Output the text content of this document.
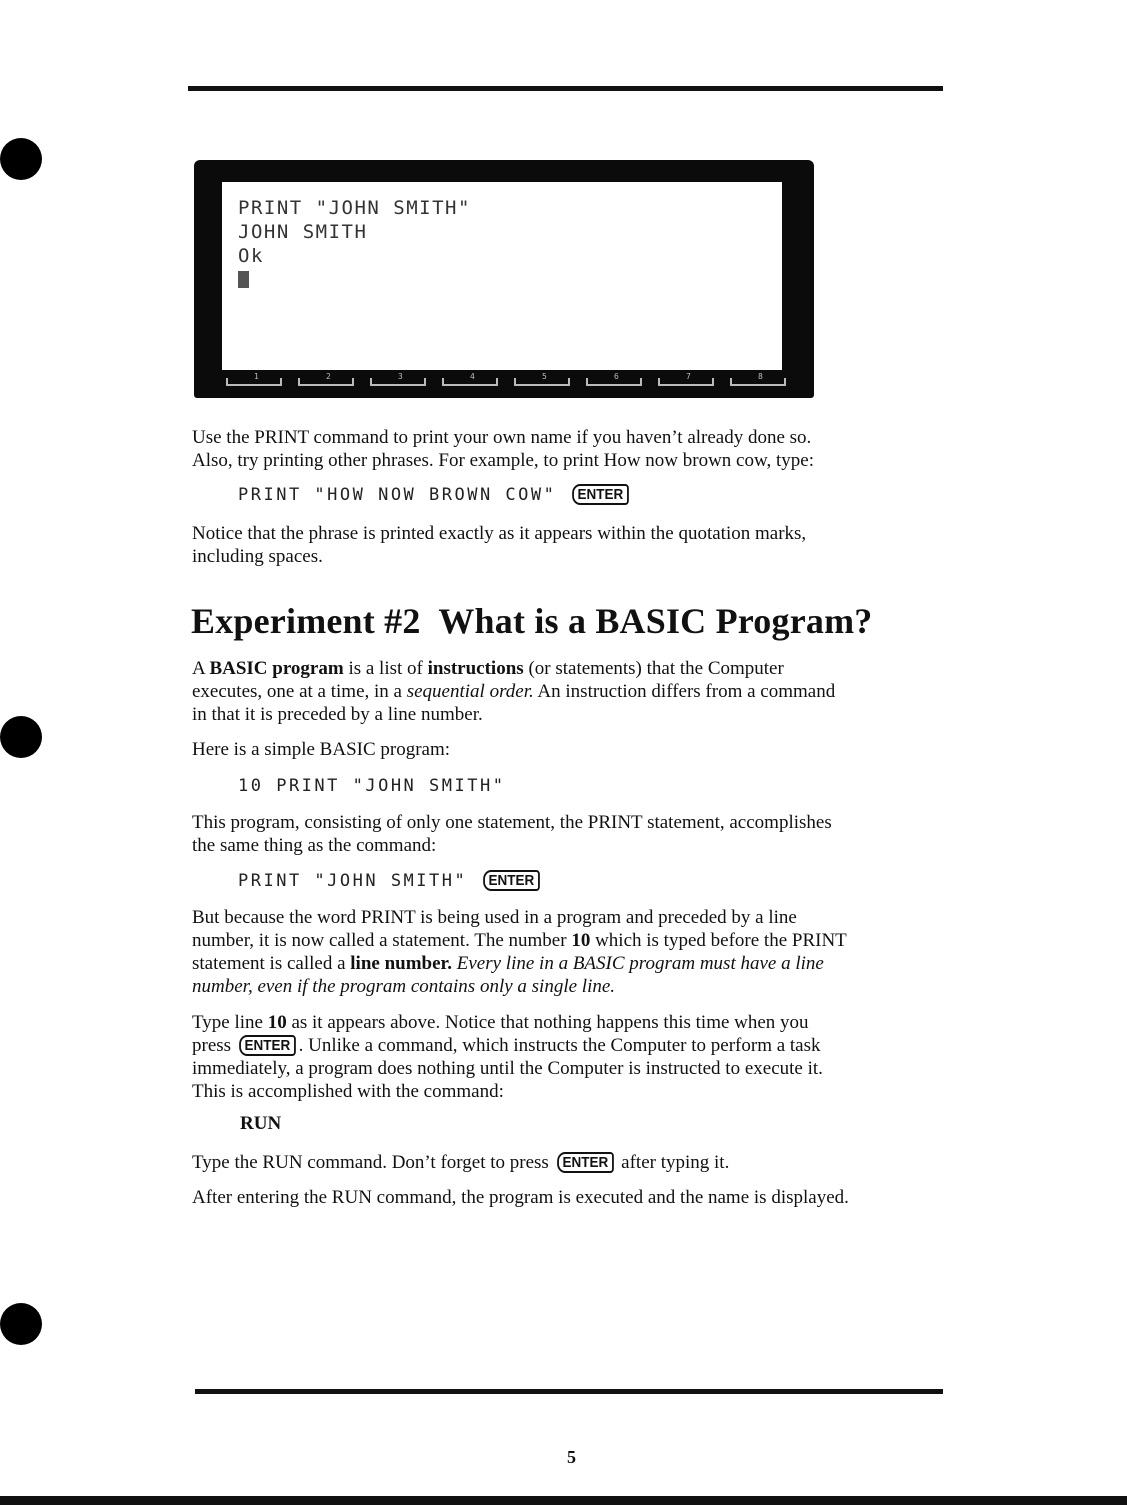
PRINT "JOHN SMITH"
JOHN SMITH
Ok
1	2	3	4	5	6	7	8
Use the PRINT command to print your own name if you haven’t already done so.
Also, try printing other phrases. For example, to print How now brown cow, type:
PRINT "HOW NOW BROWN COW" ENTER
Notice that the phrase is printed exactly as it appears within the quotation marks,
including spaces.
Experiment #2  What is a BASIC Program?
A BASIC program is a list of instructions (or statements) that the Computer
executes, one at a time, in a sequential order. An instruction differs from a command
in that it is preceded by a line number.
Here is a simple BASIC program:
10 PRINT "JOHN SMITH"
This program, consisting of only one statement, the PRINT statement, accomplishes
the same thing as the command:
PRINT "JOHN SMITH" ENTER
But because the word PRINT is being used in a program and preceded by a line
number, it is now called a statement. The number 10 which is typed before the PRINT
statement is called a line number. Every line in a BASIC program must have a line
number, even if the program contains only a single line.
Type line 10 as it appears above. Notice that nothing happens this time when you
press ENTER . Unlike a command, which instructs the Computer to perform a task
immediately, a program does nothing until the Computer is instructed to execute it.
This is accomplished with the command:
RUN
Type the RUN command. Don’t forget to press ENTER after typing it.
After entering the RUN command, the program is executed and the name is displayed.
5
